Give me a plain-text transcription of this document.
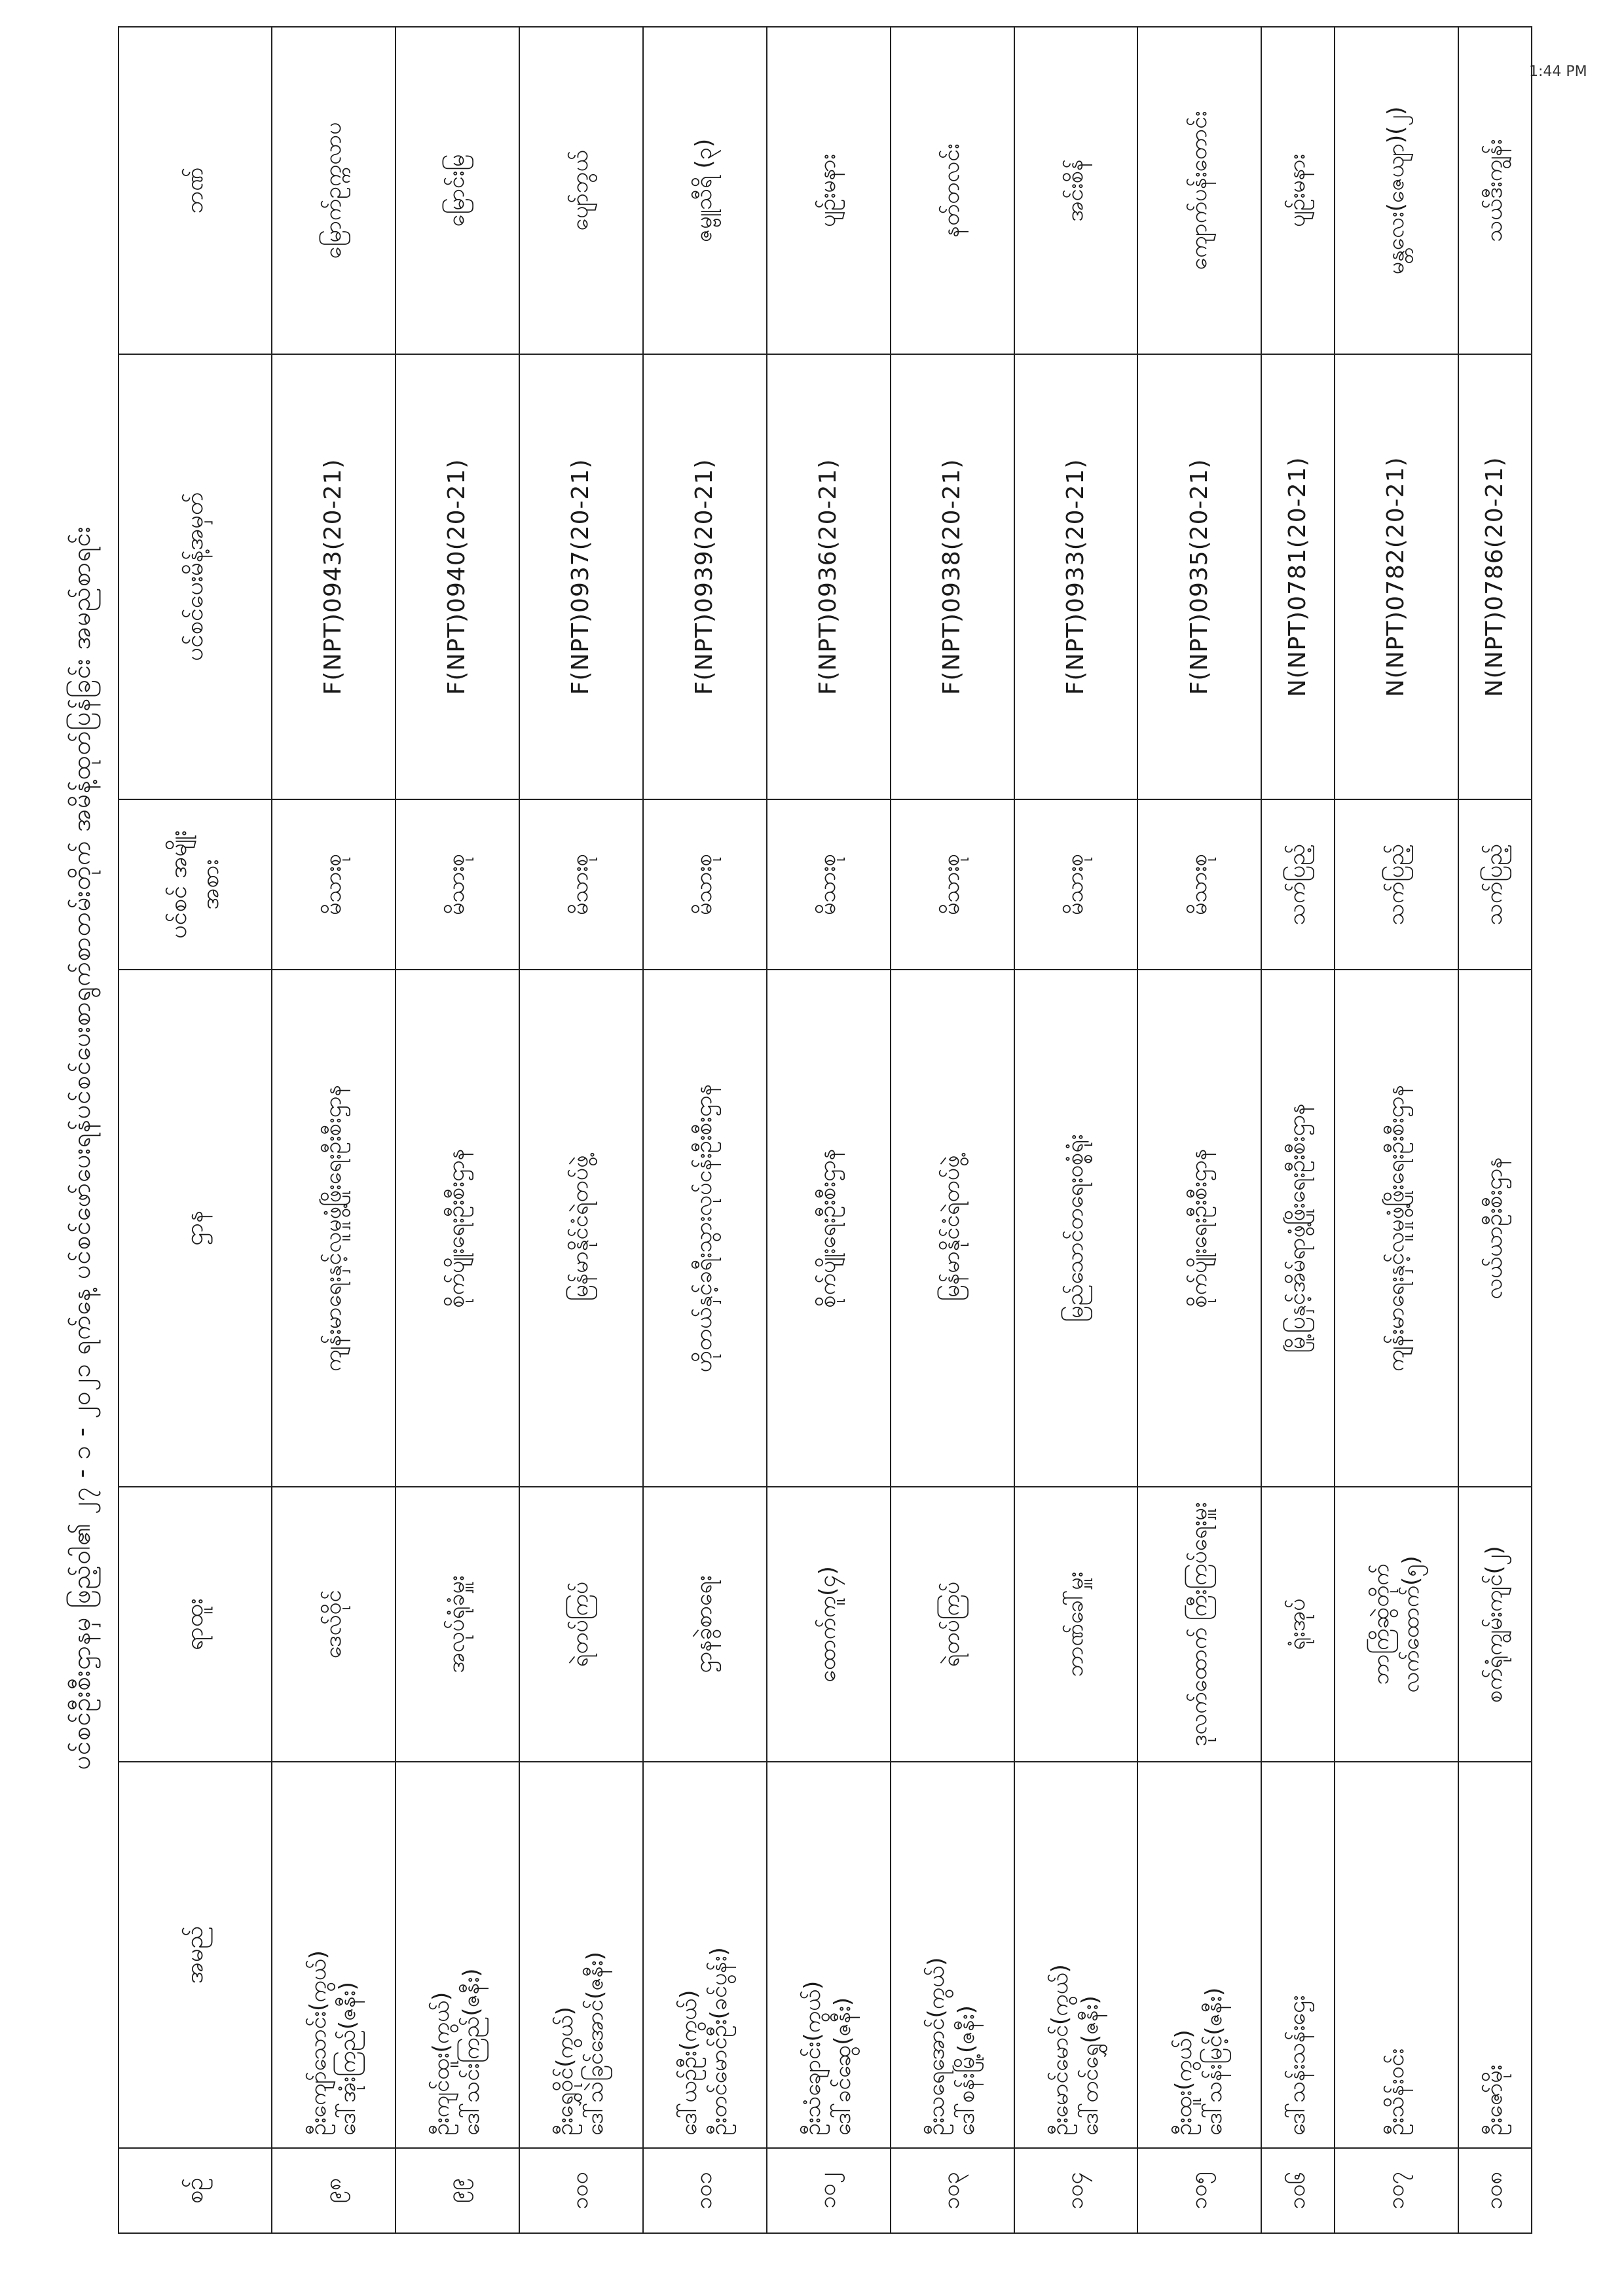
ပင်စင်ဦးစီးဌာနမှ ဖြည့်ဝါ၏ ၂၇ - ၁ - ၂၀၂၁ ရက်နေ့ ပင်စင်ဖော်ပေးရန်ပင်စင်ပေးစာရွက်စာတမ်းတိုက် အမိန့်ထုတ်ပြန်ခြင်း အမည်စာရင်း
1:44 PM
စဉ်	အမည်	ရာထူး	ဌာန	ပင်စင် အမျိုးအစား	ပင်စင်ပေးမိန့်အမှတ်	ဘဏ်
၉၈	ဦးကျော်သောင်း(ကွယ်) ဒေါ်အုံးကြည်(ဇနီး)	ဒေလ်ဝိုင်	ကျန်းမာရေးနှင့်လူမှုဖွံ့ဖြိုးရေးဦးစီးဌာန	မိသားစု	F(NPT)0943(20-21)	မြောက်ဥက္ကလာပ
၉၉	ဦးကျင်ထူး(ကွယ်) ဒေါ်သင်းကြည်(ဇနီး)	အလုပ်ရုံခံမှူး	စိုက်ပျိုးရေးဦးစီးဌာန	မိသားစု	F(NPT)0940(20-21)	မြောင်းမြ
၁၀၀	ဦးရွှေဝိုင်(ကွယ်) ဒေါ်သဲခြင်အောင်(ဇနီး)	ရဲတပ်ကြပ်	မြန်မာနိုင်ငံရဲတပ်ဖွဲ့	မိသားစု	F(NPT)0937(20-21)	ပျော်ဘွယ်
၁၀၁	ဒေါ်ယဉ်ဦး(ကွယ်) ဦးတင်မောင်ဦး(ခင်ပွန်း)	ဌာနခွဲစာရေး	ဟိုတယ်နှင့်ခရီးသွားလုပ်ငန်းဦးစီးဌာန	မိသားစု	F(NPT)0939(20-21)	ဇမ္ဗူသီရိ (၃)
၁၀၂	ဦးသံချောင်း(ကွယ်) ဒေါ်ခင်ဆွေ(ဇနီး)	ထောက်ကူ(၄)	စိုက်ပျိုးရေးဦးစီးဌာန	မိသားစု	F(NPT)0936(20-21)	ပျဉ်းမနား
၁၀၃	ဦးသရေအောင်(ကွယ်) ဒေါ်စန်းမြို့(ဇနီး)	ရဲတပ်ကြပ်	မြန်မာနိုင်ငံရဲတပ်ဖွဲ့	မိသားစု	F(NPT)0938(20-21)	နတ်တလင်း
၁၀၄	ဦးမောင်မောင်(ကွယ်) ဒေါ်တင်ရွှေ(ဇနီး)	ဘာဏ်ခေါ်မှူး	မြည်သောင်တရေးဝစ္စံရုံး	မိသားစု	F(NPT)0933(20-21)	အင်းစိန်
၁၀၅	ဦးထူး(ကွယ်) ဒေါ်သန်းမြင့်(ဇနီး)	ဒုလက်ထောက် ကြီးကြပ်ရေးမှူး	စိုက်ပျိုးရေးဦးစီးဌာန	မိသားစု	F(NPT)0935(20-21)	ကျောက်ပန်းတောင်း
၁၀၆	ဒေါ်သန်းသန်းဌေး	ရုံးအုပ်	မြို့ပြနှင့်အိမ်ရာဖွံ့ဖြိုးရေးဦးစီးဌာန	သက်ပြည့်	N(NPT)0781(20-21)	ပျဉ်းမနား
၁၀၇	ဦးသိန်းဝင်း	ဘာကြိဆွဲတိုက် လက်ထောက်(၅)	ကျန်းမာရေးနှင့်လူမှုဖွံ့ဖြိုးရေးဦးစီးဌာန	သက်ပြည့်	N(NPT)0782(20-21)	မန္တလေး(ဇေယျာ)(၂)
၁၀၈	ဦးဇော်မိုး	စက်ရုံကျွမ်းကျင်(၂)	လယ်ယာဦးစီးဌာန	သက်ပြည့်	N(NPT)0786(20-21)	သယ်ဒီးကျွန်း
